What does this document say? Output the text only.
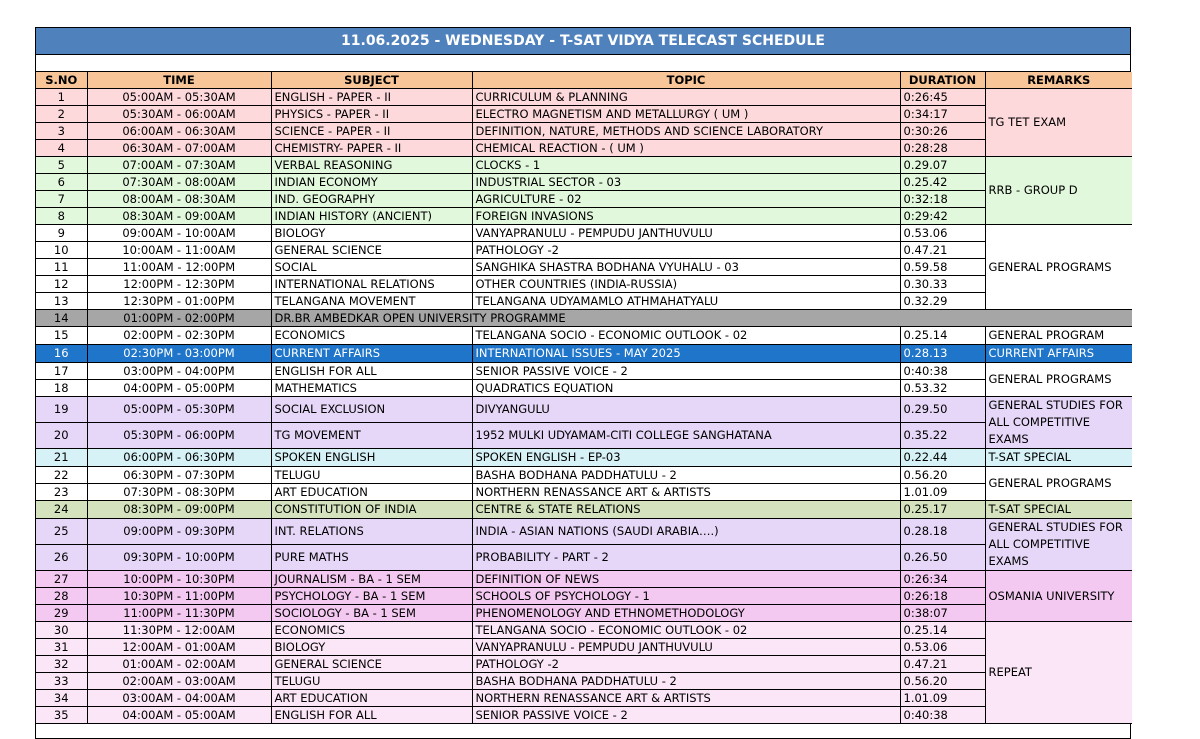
11.06.2025 - WEDNESDAY - T-SAT VIDYA TELECAST SCHEDULE
S.NO	TIME	SUBJECT	TOPIC	DURATION	REMARKS
1	05:00AM - 05:30AM	ENGLISH - PAPER - II	CURRICULUM & PLANNING	0:26:45	TG TET EXAM
2	05:30AM - 06:00AM	PHYSICS - PAPER - II	ELECTRO MAGNETISM AND METALLURGY ( UM )	0:34:17	
3	06:00AM - 06:30AM	SCIENCE - PAPER - II	DEFINITION, NATURE, METHODS AND SCIENCE LABORATORY	0:30:26	
4	06:30AM - 07:00AM	CHEMISTRY- PAPER - II	CHEMICAL REACTION - ( UM )	0:28:28	
5	07:00AM - 07:30AM	VERBAL REASONING	CLOCKS - 1	0.29.07	RRB - GROUP D
6	07:30AM - 08:00AM	INDIAN ECONOMY	INDUSTRIAL SECTOR - 03	0.25.42	
7	08:00AM - 08:30AM	IND. GEOGRAPHY	AGRICULTURE - 02	0:32:18	
8	08:30AM - 09:00AM	INDIAN HISTORY (ANCIENT)	FOREIGN INVASIONS	0:29:42	
9	09:00AM - 10:00AM	BIOLOGY	VANYAPRANULU - PEMPUDU JANTHUVULU	0.53.06	GENERAL PROGRAMS
10	10:00AM - 11:00AM	GENERAL SCIENCE	PATHOLOGY -2	0.47.21	
11	11:00AM - 12:00PM	SOCIAL	SANGHIKA SHASTRA BODHANA VYUHALU - 03	0.59.58	
12	12:00PM - 12:30PM	INTERNATIONAL RELATIONS	OTHER COUNTRIES (INDIA-RUSSIA)	0.30.33	
13	12:30PM - 01:00PM	TELANGANA MOVEMENT	TELANGANA UDYAMAMLO ATHMAHATYALU	0.32.29	
14	01:00PM - 02:00PM	DR.BR AMBEDKAR OPEN UNIVERSITY PROGRAMME			
15	02:00PM - 02:30PM	ECONOMICS	TELANGANA SOCIO - ECONOMIC OUTLOOK - 02	0.25.14	GENERAL PROGRAM
16	02:30PM - 03:00PM	CURRENT AFFAIRS	INTERNATIONAL ISSUES - MAY 2025	0.28.13	CURRENT AFFAIRS
17	03:00PM - 04:00PM	ENGLISH FOR ALL	SENIOR PASSIVE VOICE - 2	0:40:38	GENERAL PROGRAMS
18	04:00PM - 05:00PM	MATHEMATICS	QUADRATICS EQUATION	0.53.32	
19	05:00PM - 05:30PM	SOCIAL EXCLUSION	DIVYANGULU	0.29.50	GENERAL STUDIES FOR ALL COMPETITIVE EXAMS
20	05:30PM - 06:00PM	TG MOVEMENT	1952 MULKI UDYAMAM-CITI COLLEGE SANGHATANA	0.35.22	
21	06:00PM - 06:30PM	SPOKEN ENGLISH	SPOKEN ENGLISH - EP-03	0.22.44	T-SAT SPECIAL
22	06:30PM - 07:30PM	TELUGU	BASHA BODHANA PADDHATULU - 2	0.56.20	GENERAL PROGRAMS
23	07:30PM - 08:30PM	ART EDUCATION	NORTHERN RENASSANCE ART & ARTISTS	1.01.09	
24	08:30PM - 09:00PM	CONSTITUTION OF INDIA	CENTRE & STATE RELATIONS	0.25.17	T-SAT SPECIAL
25	09:00PM - 09:30PM	INT. RELATIONS	INDIA - ASIAN NATIONS (SAUDI ARABIA….)	0.28.18	GENERAL STUDIES FOR ALL COMPETITIVE EXAMS
26	09:30PM - 10:00PM	PURE MATHS	PROBABILITY - PART - 2	0.26.50	
27	10:00PM - 10:30PM	JOURNALISM - BA - 1 SEM	DEFINITION OF NEWS	0:26:34	OSMANIA UNIVERSITY
28	10:30PM - 11:00PM	PSYCHOLOGY - BA - 1 SEM	SCHOOLS OF PSYCHOLOGY - 1	0:26:18	
29	11:00PM - 11:30PM	SOCIOLOGY - BA - 1 SEM	PHENOMENOLOGY AND ETHNOMETHODOLOGY	0:38:07	
30	11:30PM - 12:00AM	ECONOMICS	TELANGANA SOCIO - ECONOMIC OUTLOOK - 02	0.25.14	REPEAT
31	12:00AM - 01:00AM	BIOLOGY	VANYAPRANULU - PEMPUDU JANTHUVULU	0.53.06	
32	01:00AM - 02:00AM	GENERAL SCIENCE	PATHOLOGY -2	0.47.21	
33	02:00AM - 03:00AM	TELUGU	BASHA BODHANA PADDHATULU - 2	0.56.20	
34	03:00AM - 04:00AM	ART EDUCATION	NORTHERN RENASSANCE ART & ARTISTS	1.01.09	
35	04:00AM - 05:00AM	ENGLISH FOR ALL	SENIOR PASSIVE VOICE - 2	0:40:38	
